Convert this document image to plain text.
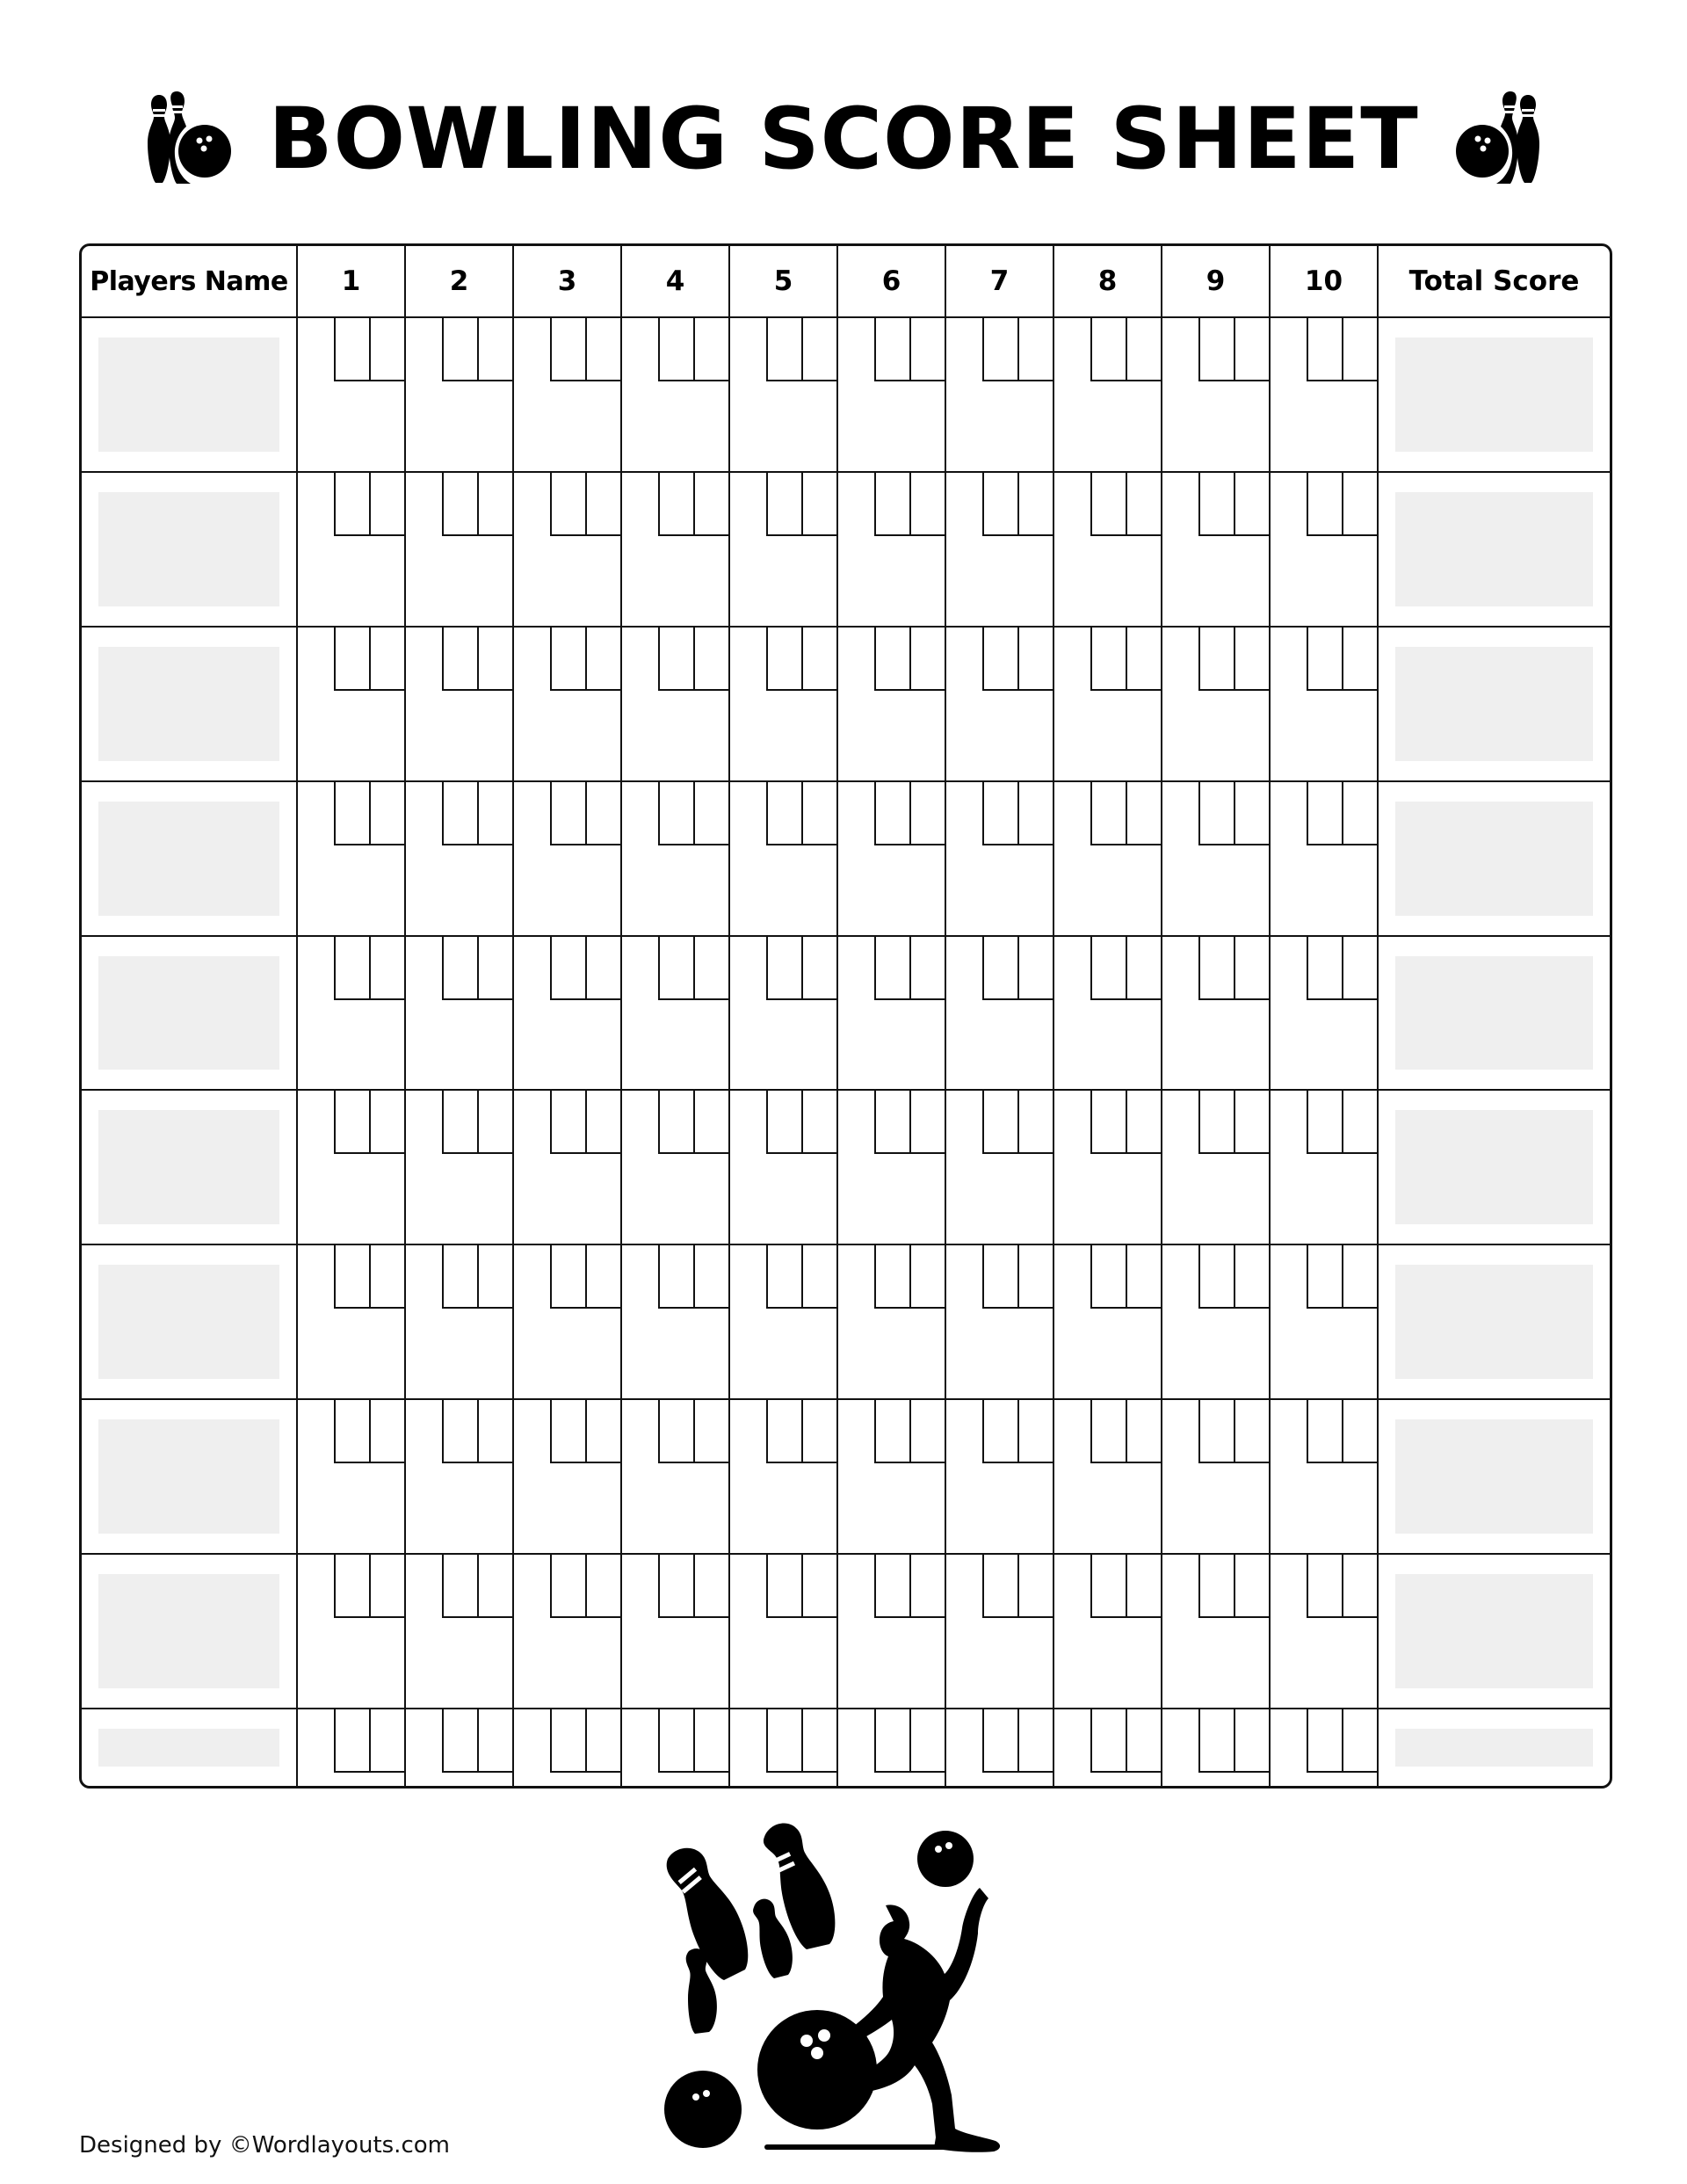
BOWLING SCORE SHEET
Players Name	1	2	3	4	5	6	7	8	9	10	Total Score

Designed by ©Wordlayouts.com
